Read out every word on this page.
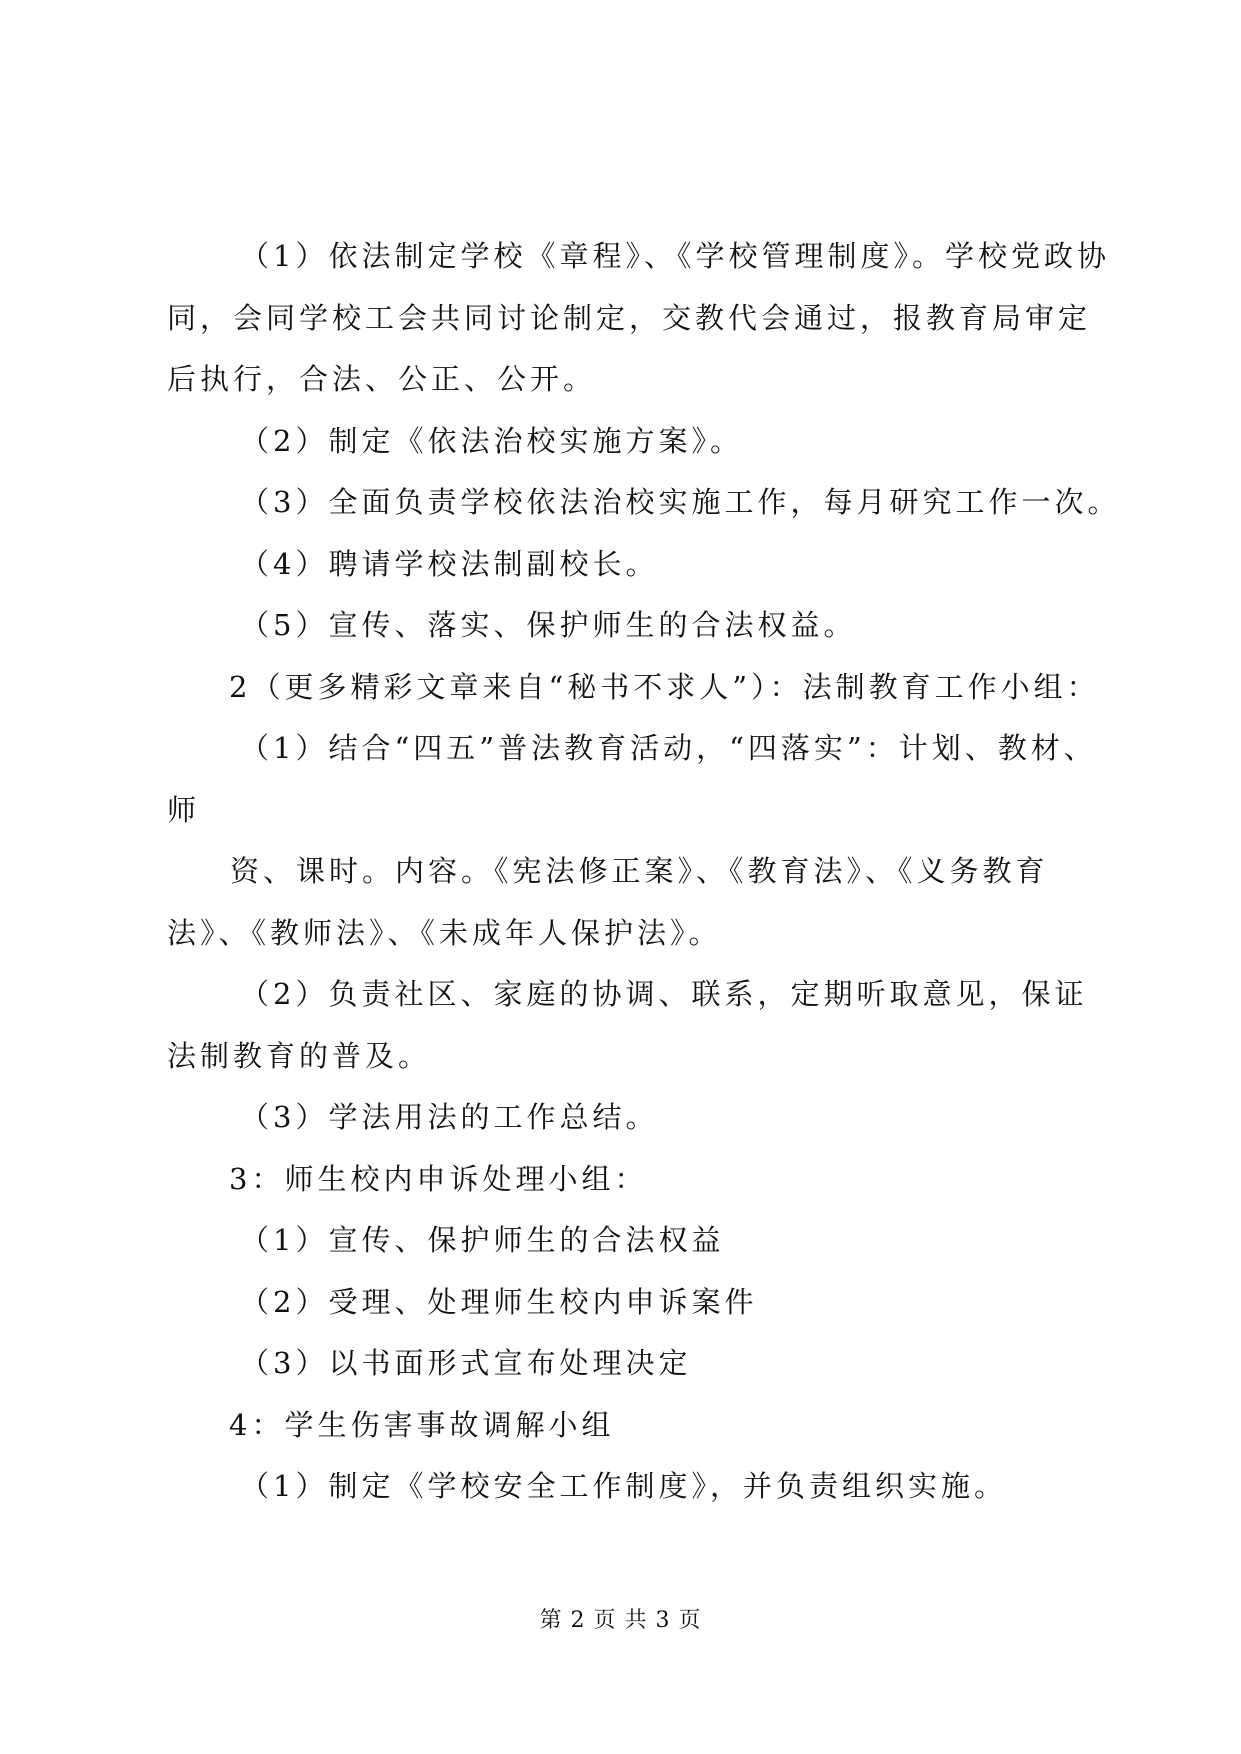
（1）依法制定学校《章程》、《学校管理制度》。学校党政协

同，会同学校工会共同讨论制定，交教代会通过，报教育局审定

后执行，合法、公正、公开。

（2）制定《依法治校实施方案》。

（3）全面负责学校依法治校实施工作，每月研究工作一次。

（4）聘请学校法制副校长。

（5）宣传、落实、保护师生的合法权益。

2（更多精彩文章来自“秘书不求人”）：法制教育工作小组：

（1）结合“四五”普法教育活动，“四落实”：计划、教材、

师

资、课时。内容。《宪法修正案》、《教育法》、《义务教育

法》、《教师法》、《未成年人保护法》。

（2）负责社区、家庭的协调、联系，定期听取意见，保证

法制教育的普及。

（3）学法用法的工作总结。

3：师生校内申诉处理小组：

（1）宣传、保护师生的合法权益

（2）受理、处理师生校内申诉案件

（3）以书面形式宣布处理决定

4：学生伤害事故调解小组

（1）制定《学校安全工作制度》，并负责组织实施。

第 2 页 共 3 页
